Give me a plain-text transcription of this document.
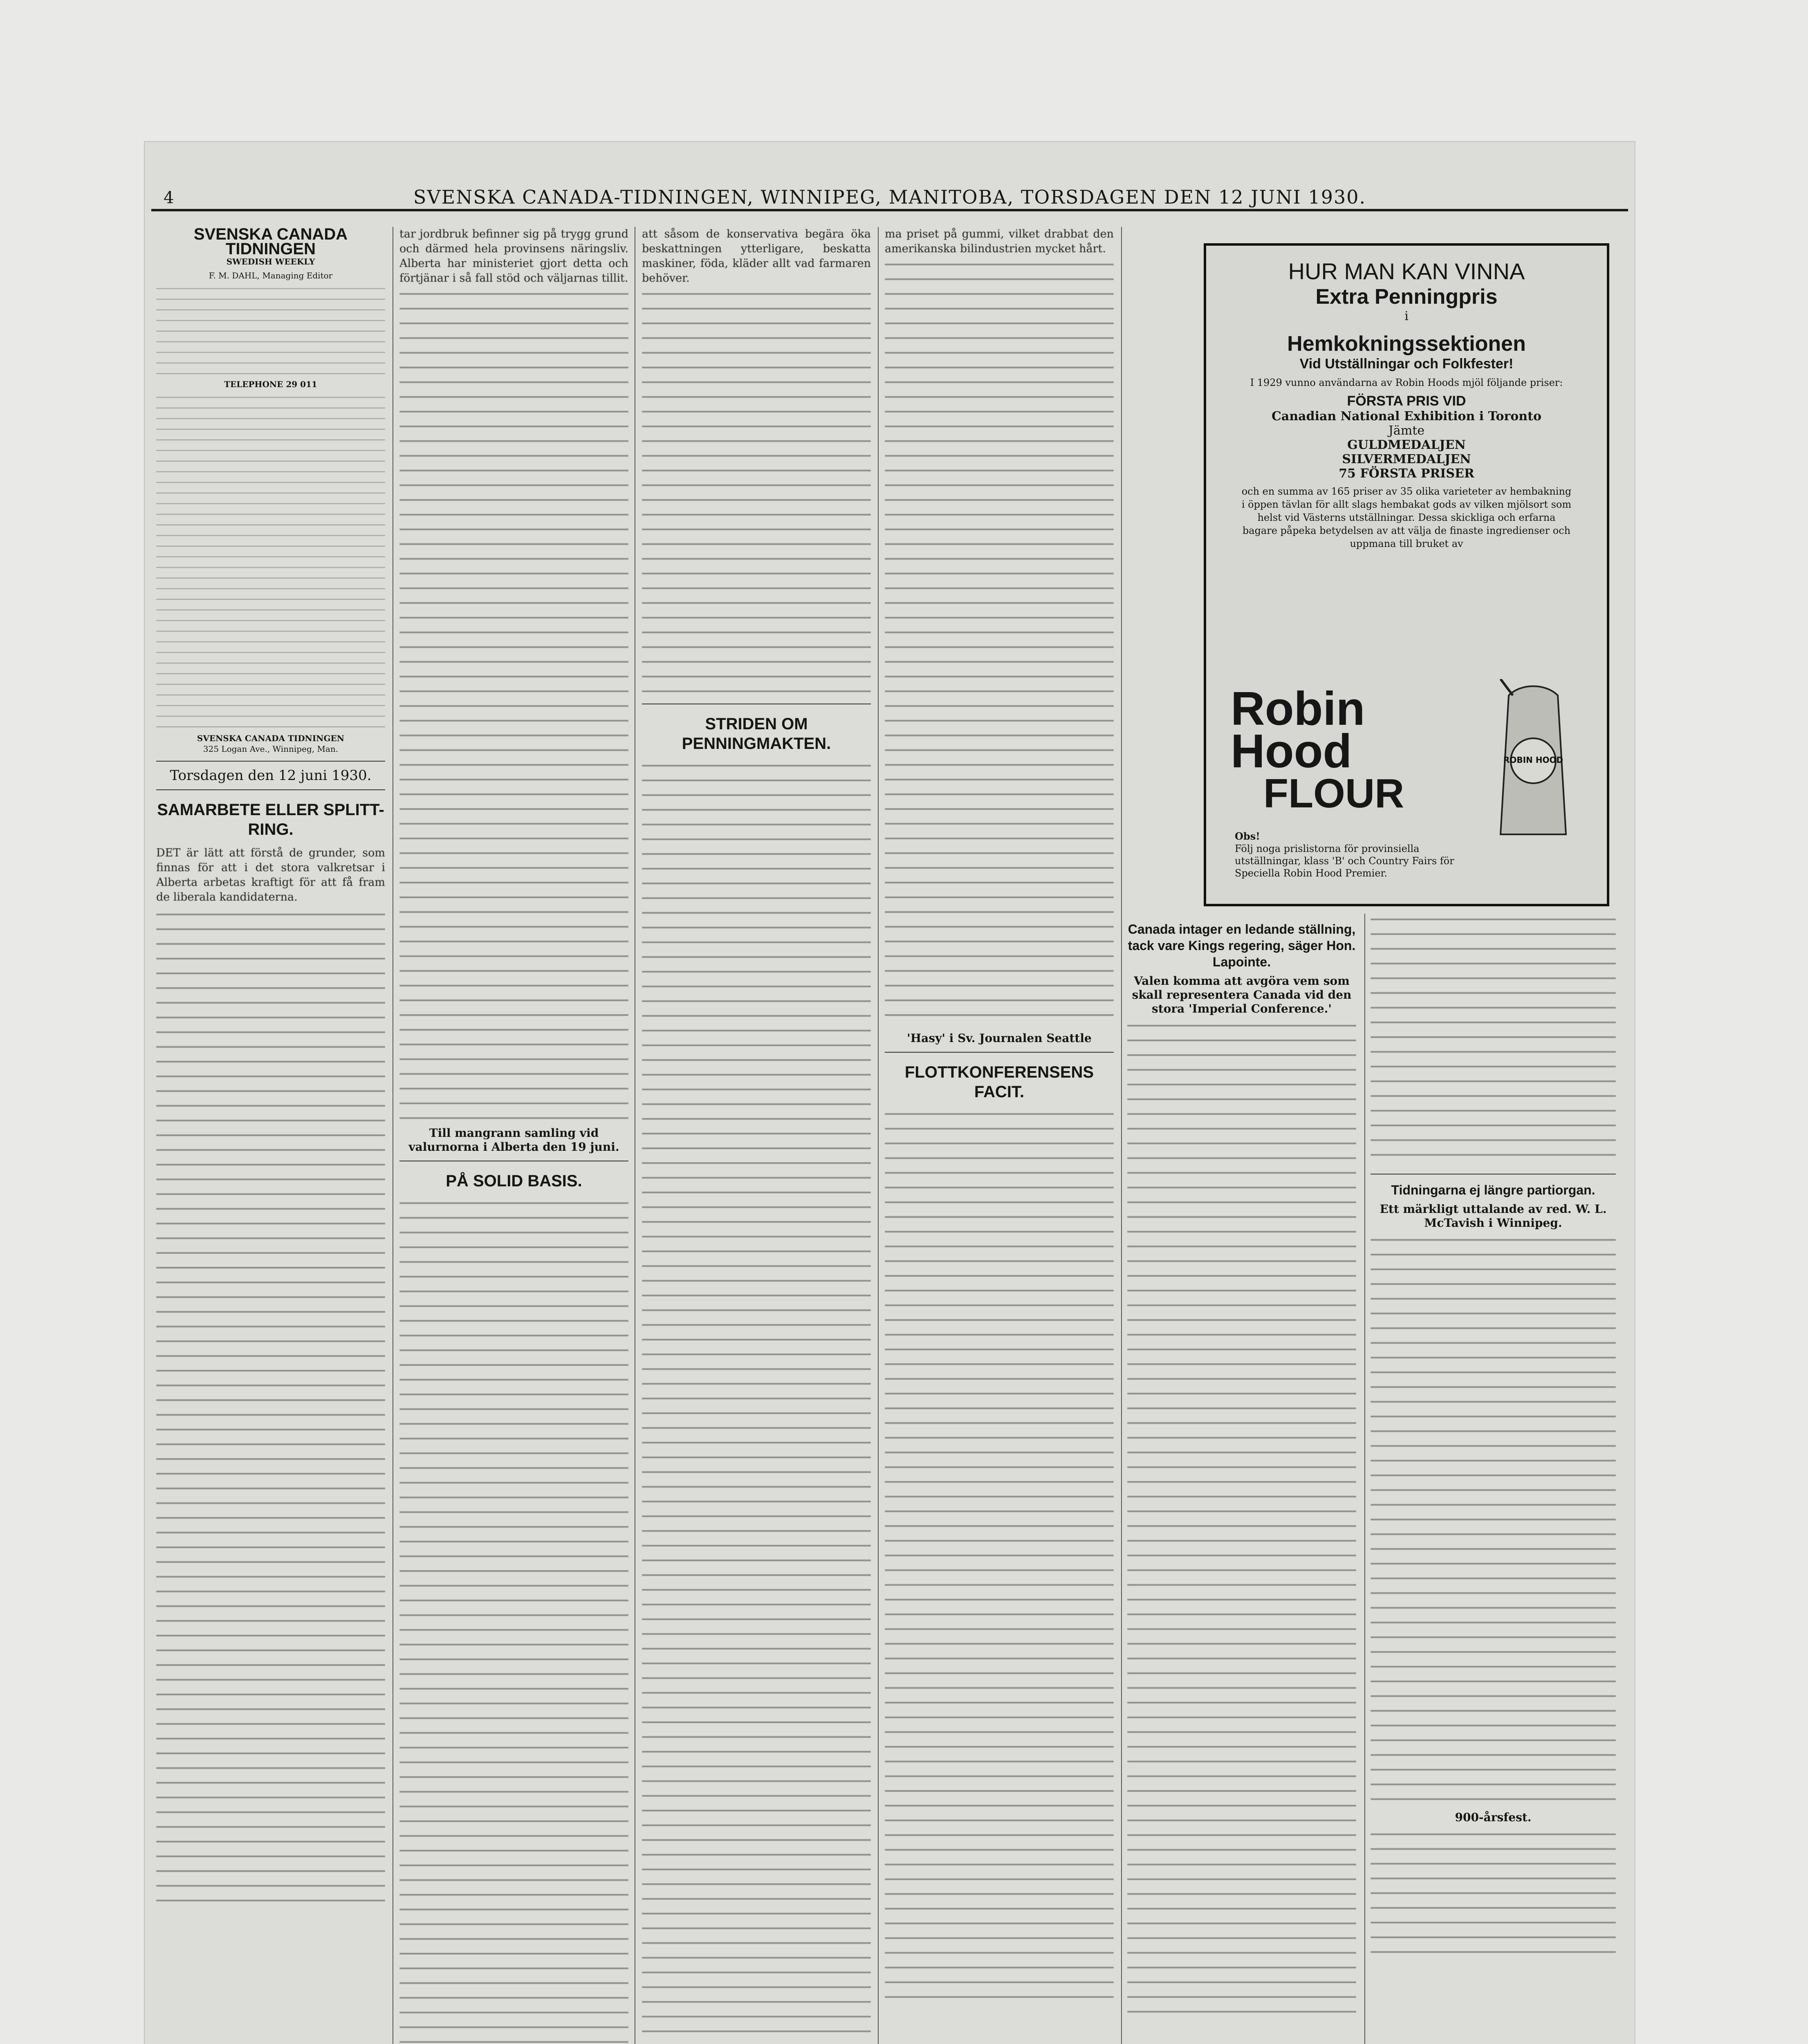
4	SVENSKA CANADA-TIDNINGEN, WINNIPEG, MANITOBA, TORSDAGEN DEN 12 JUNI 1930.
SVENSKA CANADA TIDNINGEN
SWEDISH WEEKLY
F. M. DAHL, Managing Editor
TELEPHONE 29 011
SVENSKA CANADA TIDNINGEN
325 Logan Ave., Winnipeg, Man.
Torsdagen den 12 juni 1930.
SAMARBETE ELLER SPLITT-RING.
DET är lätt att förstå de grunder, som finnas för att i det stora valkretsar i Alberta arbetas kraftigt för att få fram de liberala kandidaterna.
tar jordbruk befinner sig på trygg grund och därmed hela provinsens näringsliv. Alberta har ministeriet gjort detta och förtjänar i så fall stöd och väljarnas tillit.
Till mangrann samling vid valurnorna i Alberta den 19 juni.
PÅ SOLID BASIS.
att såsom de konservativa begära öka beskattningen ytterligare, beskatta maskiner, föda, kläder allt vad farmaren behöver.
STRIDEN OM PENNINGMAKTEN.
ma priset på gummi, vilket drabbat den amerikanska bilindustrien mycket hårt.
'Hasy' i Sv. Journalen Seattle
FLOTTKONFERENSENS FACIT.
Canada intager en ledande ställning, tack vare Kings regering, säger Hon. Lapointe.
Valen komma att avgöra vem som skall representera Canada vid den stora 'Imperial Conference.'
Tidningarna ej längre partiorgan.
Ett märkligt uttalande av red. W. L. McTavish i Winnipeg.
900-årsfest.
HUR MAN KAN VINNA
Extra Penningpris
i
Hemkokningssektionen
Vid Utställningar och Folkfester!
I 1929 vunno användarna av Robin Hoods mjöl följande priser:
FÖRSTA PRIS VID
Canadian National Exhibition i Toronto
Jämte
GULDMEDALJEN
SILVERMEDALJEN
75 FÖRSTA PRISER
och en summa av 165 priser av 35 olika varieteter av hembakning i öppen tävlan för allt slags hembakat gods av vilken mjölsort som helst vid Västerns utställningar. Dessa skickliga och erfarna bagare påpeka betydelsen av att välja de finaste ingredienser och uppmana till bruket av
Robin Hood
FLOUR
ROBIN HOOD
Obs!
Följ noga prislistorna för provinsiella utställningar, klass 'B' och Country Fairs för Speciella Robin Hood Premier.
